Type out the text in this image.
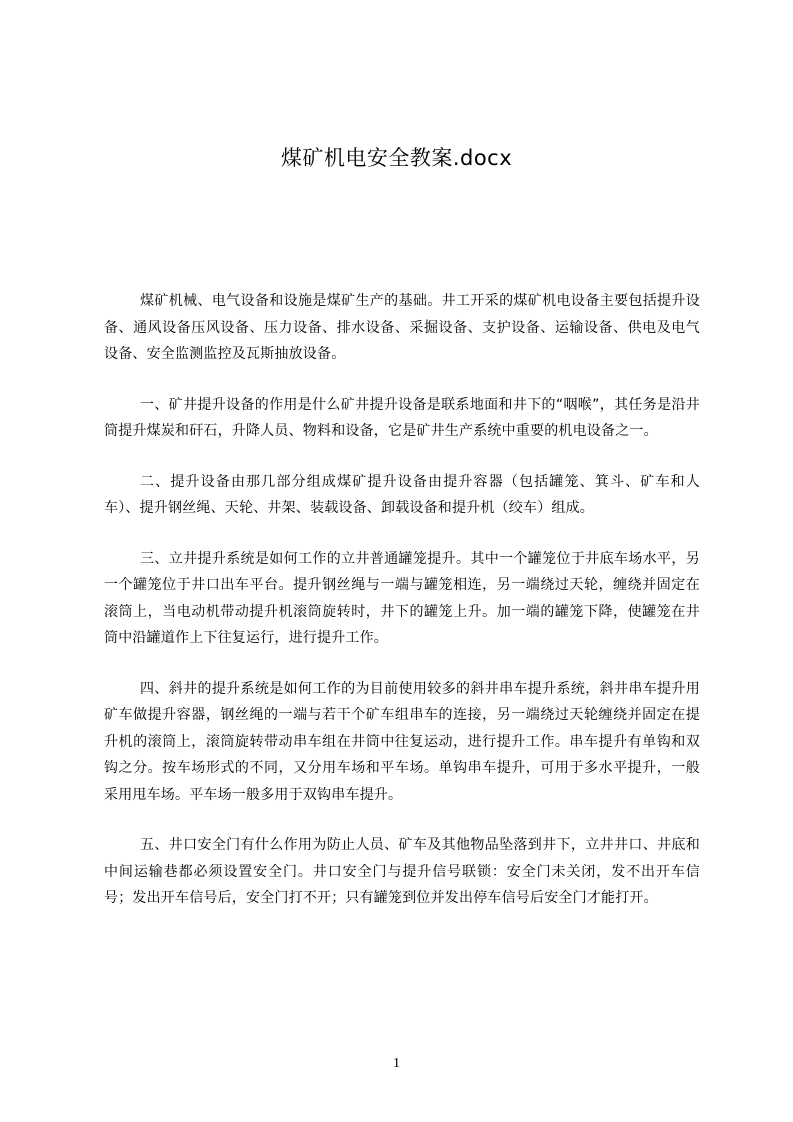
煤矿机电安全教案.docx

煤矿机械、电气设备和设施是煤矿生产的基础。井工开采的煤矿机电设备主要包括提升设备、通风设备压风设备、压力设备、排水设备、采掘设备、支护设备、运输设备、供电及电气设备、安全监测监控及瓦斯抽放设备。

一、矿井提升设备的作用是什么矿井提升设备是联系地面和井下的“咽喉”，其任务是沿井筒提升煤炭和矸石，升降人员、物料和设备，它是矿井生产系统中重要的机电设备之一。

二、提升设备由那几部分组成煤矿提升设备由提升容器（包括罐笼、箕斗、矿车和人车）、提升钢丝绳、天轮、井架、装载设备、卸载设备和提升机（绞车）组成。

三、立井提升系统是如何工作的立井普通罐笼提升。其中一个罐笼位于井底车场水平，另一个罐笼位于井口出车平台。提升钢丝绳与一端与罐笼相连，另一端绕过天轮，缠绕并固定在滚筒上，当电动机带动提升机滚筒旋转时，井下的罐笼上升。加一端的罐笼下降，使罐笼在井筒中沿罐道作上下往复运行，进行提升工作。

四、斜井的提升系统是如何工作的为目前使用较多的斜井串车提升系统，斜井串车提升用矿车做提升容器，钢丝绳的一端与若干个矿车组串车的连接，另一端绕过天轮缠绕并固定在提升机的滚筒上，滚筒旋转带动串车组在井筒中往复运动，进行提升工作。串车提升有单钩和双钩之分。按车场形式的不同，又分用车场和平车场。单钩串车提升，可用于多水平提升，一般采用甩车场。平车场一般多用于双钩串车提升。

五、井口安全门有什么作用为防止人员、矿车及其他物品坠落到井下，立井井口、井底和中间运输巷都必须设置安全门。井口安全门与提升信号联锁：安全门未关闭，发不出开车信号；发出开车信号后，安全门打不开；只有罐笼到位并发出停车信号后安全门才能打开。

1
